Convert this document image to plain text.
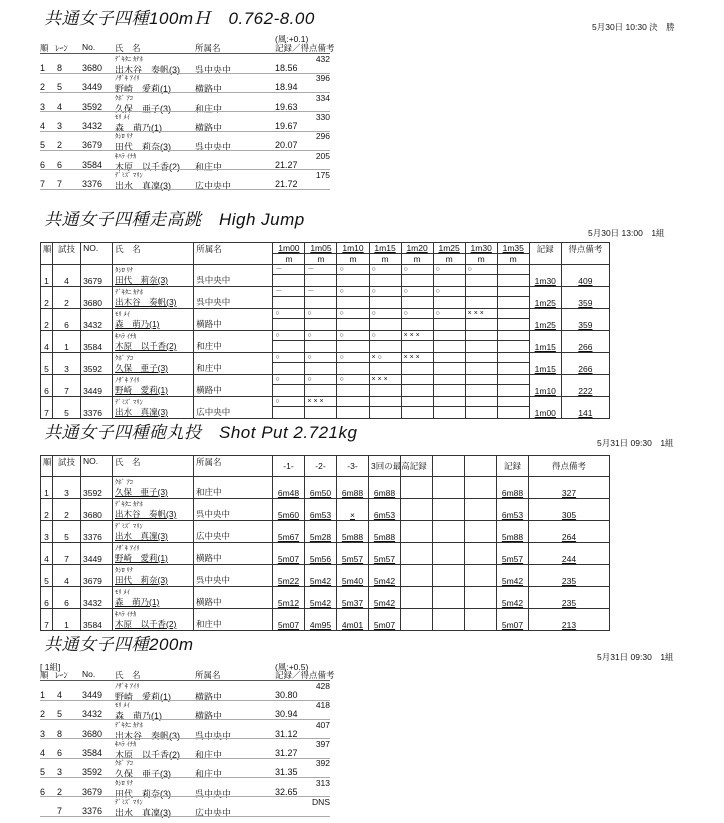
共通女子四種100mＨ　0.762-8.00	5月30日 10:30 決　勝
(風:+0.1)
順 ﾚｰﾝ No. 氏　名	所属名	記録／得点備考
ﾃﾞｷﾀﾆ ｶﾅﾎ	432
1 8 3680 出木谷　奏帆(3) 呉中央中	18.56
ﾉｻﾞｷ ｱｲﾘ	396
2 5 3449 野崎　愛莉(1)	横路中	18.94
ｸﾎﾞ ｱｺ	334
3 4 3592 久保　亜子(3)	和庄中	19.63
ﾓﾘ ﾒｲ	330
4 3 3432 森　萌乃(1)	横路中	19.67
ﾀｼﾛ ﾘﾅ	296
5 2 3679 田代　莉奈(3)	呉中央中	20.07
ｷﾊﾗ ｲﾁｶ	205
6 6 3584 木原　以千香(2) 和庄中	21.27
ﾃﾞﾐｽﾞ ﾏﾘﾝ	175
7 7 3376 出水　真凜(3)	広中央中	21.72
共通女子四種走高跳　High Jump
5月30日 13:00　1組
順	試技	NO.	氏　名	所属名	1m00	1m05	1m10	1m15	1m20	1m25	1m30	1m35	記録	得点備考
					m	m	m	m	m	m	m	m		
1	4	3679	ﾀｼﾛ ﾘﾅ
田代　莉奈(3)	呉中央中	－	－	○	○	○	○	○		1m30	409
2	2	3680	ﾃﾞｷﾀﾆ ｶﾅﾎ
出木谷　奏帆(3)	呉中央中	－	－	○	○	○	○			1m25	359
2	6	3432	ﾓﾘ ﾒｲ
森　萌乃(1)	横路中	○	○	○	○	○	○	× × ×		1m25	359
4	1	3584	ｷﾊﾗ ｲﾁｶ
木原　以千香(2)	和庄中	○	○	○	○	× × ×				1m15	266
5	3	3592	ｸﾎﾞ ｱｺ
久保　亜子(3)	和庄中	○	○	○	× ○	× × ×				1m15	266
6	7	3449	ﾉｻﾞｷ ｱｲﾘ
野崎　愛莉(1)	横路中	○	○	○	× × ×					1m10	222
7	5	3376	ﾃﾞﾐｽﾞ ﾏﾘﾝ
出水　真凜(3)	広中央中	○	× × ×							1m00	141
共通女子四種砲丸投　Shot Put 2.721kg
5月31日 09:30　1組
順	試技	NO.	氏　名	所属名	-1-	-2-	-3-	3回の最高記録				記録	得点備考
1	3	3592	ｸﾎﾞ ｱｺ
久保　亜子(3)	和庄中	6m48	6m50	6m88	6m88				6m88	327
2	2	3680	ﾃﾞｷﾀﾆ ｶﾅﾎ
出木谷　奏帆(3)	呉中央中	5m60	6m53	×	6m53				6m53	305
3	5	3376	ﾃﾞﾐｽﾞ ﾏﾘﾝ
出水　真凜(3)	広中央中	5m67	5m28	5m88	5m88				5m88	264
4	7	3449	ﾉｻﾞｷ ｱｲﾘ
野崎　愛莉(1)	横路中	5m07	5m56	5m57	5m57				5m57	244
5	4	3679	ﾀｼﾛ ﾘﾅ
田代　莉奈(3)	呉中央中	5m22	5m42	5m40	5m42				5m42	235
6	6	3432	ﾓﾘ ﾒｲ
森　萌乃(1)	横路中	5m12	5m42	5m37	5m42				5m42	235
7	1	3584	ｷﾊﾗ ｲﾁｶ
木原　以千香(2)	和庄中	5m07	4m95	4m01	5m07				5m07	213
共通女子四種200m
5月31日 09:30　1組
[ 1組]	(風:+0.5)
順 ﾚｰﾝ No. 氏　名	所属名	記録／得点備考
ﾉｻﾞｷ ｱｲﾘ	428
1 4 3449 野崎　愛莉(1)	横路中	30.80
ﾓﾘ ﾒｲ	418
2 5 3432 森　萌乃(1)	横路中	30.94
ﾃﾞｷﾀﾆ ｶﾅﾎ	407
3 8 3680 出木谷　奏帆(3) 呉中央中	31.12
ｷﾊﾗ ｲﾁｶ	397
4 6 3584 木原　以千香(2) 和庄中	31.27
ｸﾎﾞ ｱｺ	392
5 3 3592 久保　亜子(3)	和庄中	31.35
ﾀｼﾛ ﾘﾅ	313
6 2 3679 田代　莉奈(3)	呉中央中	32.65
ﾃﾞﾐｽﾞ ﾏﾘﾝ	DNS
7 3376 出水　真凜(3)	広中央中
